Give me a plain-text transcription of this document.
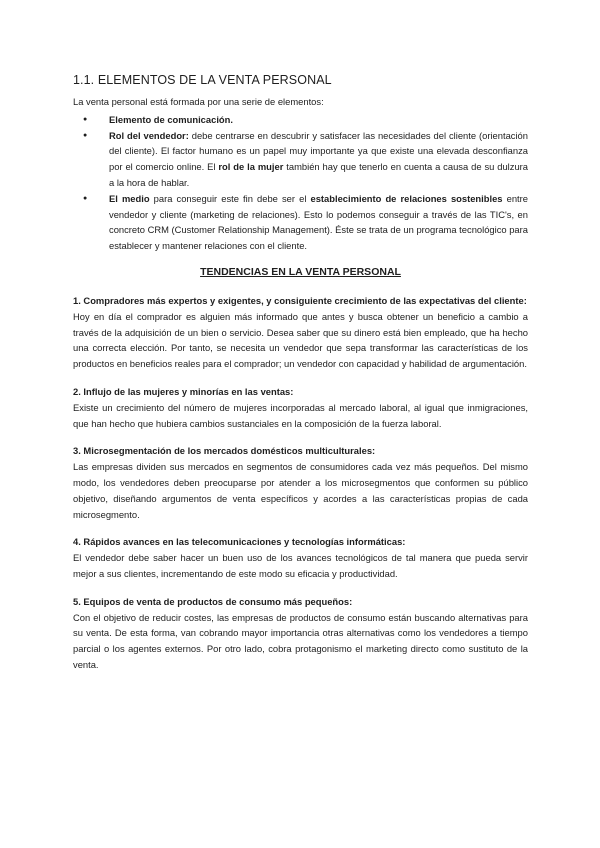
1.1. ELEMENTOS DE LA VENTA PERSONAL

La venta personal está formada por una serie de elementos:

● Elemento de comunicación.
● Rol del vendedor: debe centrarse en descubrir y satisfacer las necesidades del cliente (orientación del cliente). El factor humano es un papel muy importante ya que existe una elevada desconfianza por el comercio online. El rol de la mujer también hay que tenerlo en cuenta a causa de su dulzura a la hora de hablar.
● El medio para conseguir este fin debe ser el establecimiento de relaciones sostenibles entre vendedor y cliente (marketing de relaciones). Esto lo podemos conseguir a través de las TIC's, en concreto CRM (Customer Relationship Management). Éste se trata de un programa tecnológico para establecer y mantener relaciones con el cliente.
TENDENCIAS EN LA VENTA PERSONAL

1. Compradores más expertos y exigentes, y consiguiente crecimiento de las expectativas del cliente:

Hoy en día el comprador es alguien más informado que antes y busca obtener un beneficio a cambio a través de la adquisición de un bien o servicio. Desea saber que su dinero está bien empleado, que ha hecho una correcta elección. Por tanto, se necesita un vendedor que sepa transformar las características de los productos en beneficios reales para el comprador; un vendedor con capacidad y habilidad de argumentación.

2. Influjo de las mujeres y minorías en las ventas:

Existe un crecimiento del número de mujeres incorporadas al mercado laboral, al igual que inmigraciones, que han hecho que hubiera cambios sustanciales en la composición de la fuerza laboral.

3. Microsegmentación de los mercados domésticos multiculturales:

Las empresas dividen sus mercados en segmentos de consumidores cada vez más pequeños. Del mismo modo, los vendedores deben preocuparse por atender a los microsegmentos que conformen su público objetivo, diseñando argumentos de venta específicos y acordes a las características propias de cada microsegmento.

4. Rápidos avances en las telecomunicaciones y tecnologías informáticas:

El vendedor debe saber hacer un buen uso de los avances tecnológicos de tal manera que pueda servir mejor a sus clientes, incrementando de este modo su eficacia y productividad.

5. Equipos de venta de productos de consumo más pequeños:

Con el objetivo de reducir costes, las empresas de productos de consumo están buscando alternativas para su venta. De esta forma, van cobrando mayor importancia otras alternativas como los vendedores a tiempo parcial o los agentes externos. Por otro lado, cobra protagonismo el marketing directo como sustituto de la venta.
